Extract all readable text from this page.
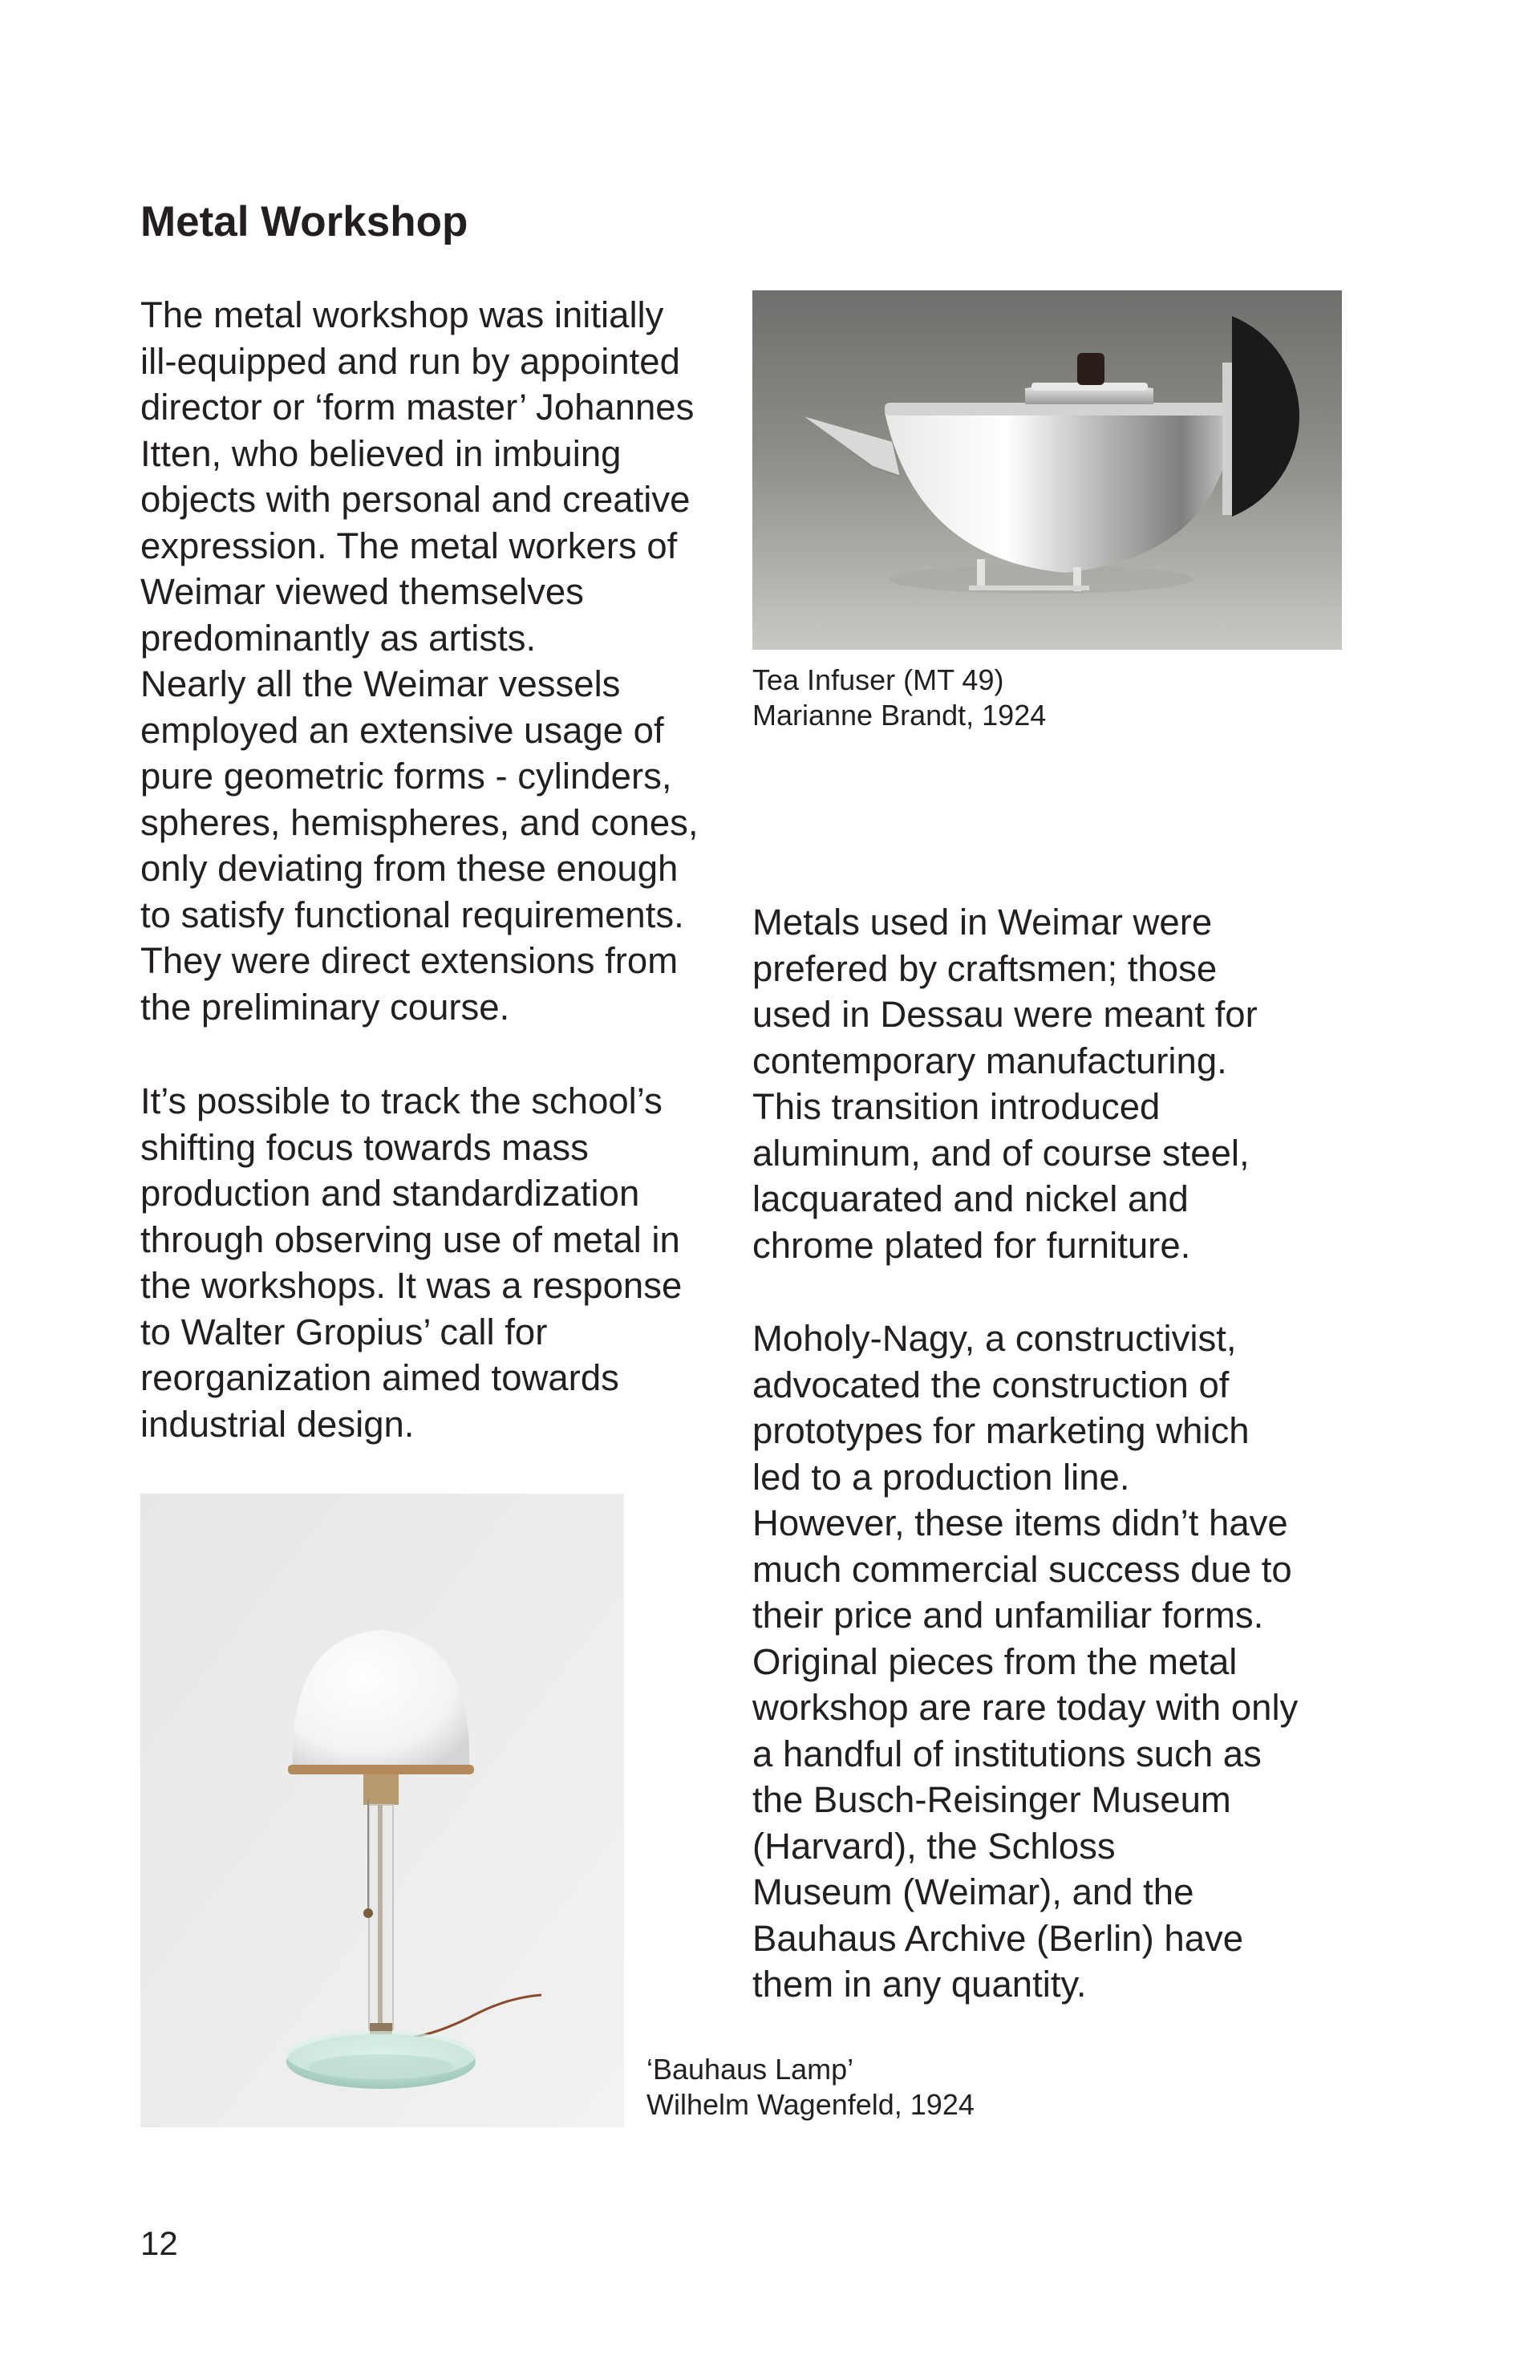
Metal Workshop
The metal workshop was initially
ill-equipped and run by appointed
director or ‘form master’ Johannes
Itten, who believed in imbuing
objects with personal and creative
expression. The metal workers of
Weimar viewed themselves
predominantly as artists.
Nearly all the Weimar vessels
employed an extensive usage of
pure geometric forms - cylinders,
spheres, hemispheres, and cones,
only deviating from these enough
to satisfy functional requirements.
They were direct extensions from
the preliminary course.
It’s possible to track the school’s
shifting focus towards mass
production and standardization
through observing use of metal in
the workshops. It was a response
to Walter Gropius’ call for
reorganization aimed towards
industrial design.
Metals used in Weimar were
prefered by craftsmen; those
used in Dessau were meant for
contemporary manufacturing.
This transition introduced
aluminum, and of course steel,
lacquarated and nickel and
chrome plated for furniture.
Moholy-Nagy, a constructivist,
advocated the construction of
prototypes for marketing which
led to a production line.
However, these items didn’t have
much commercial success due to
their price and unfamiliar forms.
Original pieces from the metal
workshop are rare today with only
a handful of institutions such as
the Busch-Reisinger Museum
(Harvard), the Schloss
Museum (Weimar), and the
Bauhaus Archive (Berlin) have
them in any quantity.
Tea Infuser (MT 49)
Marianne Brandt, 1924
‘Bauhaus Lamp’
Wilhelm Wagenfeld, 1924

12
